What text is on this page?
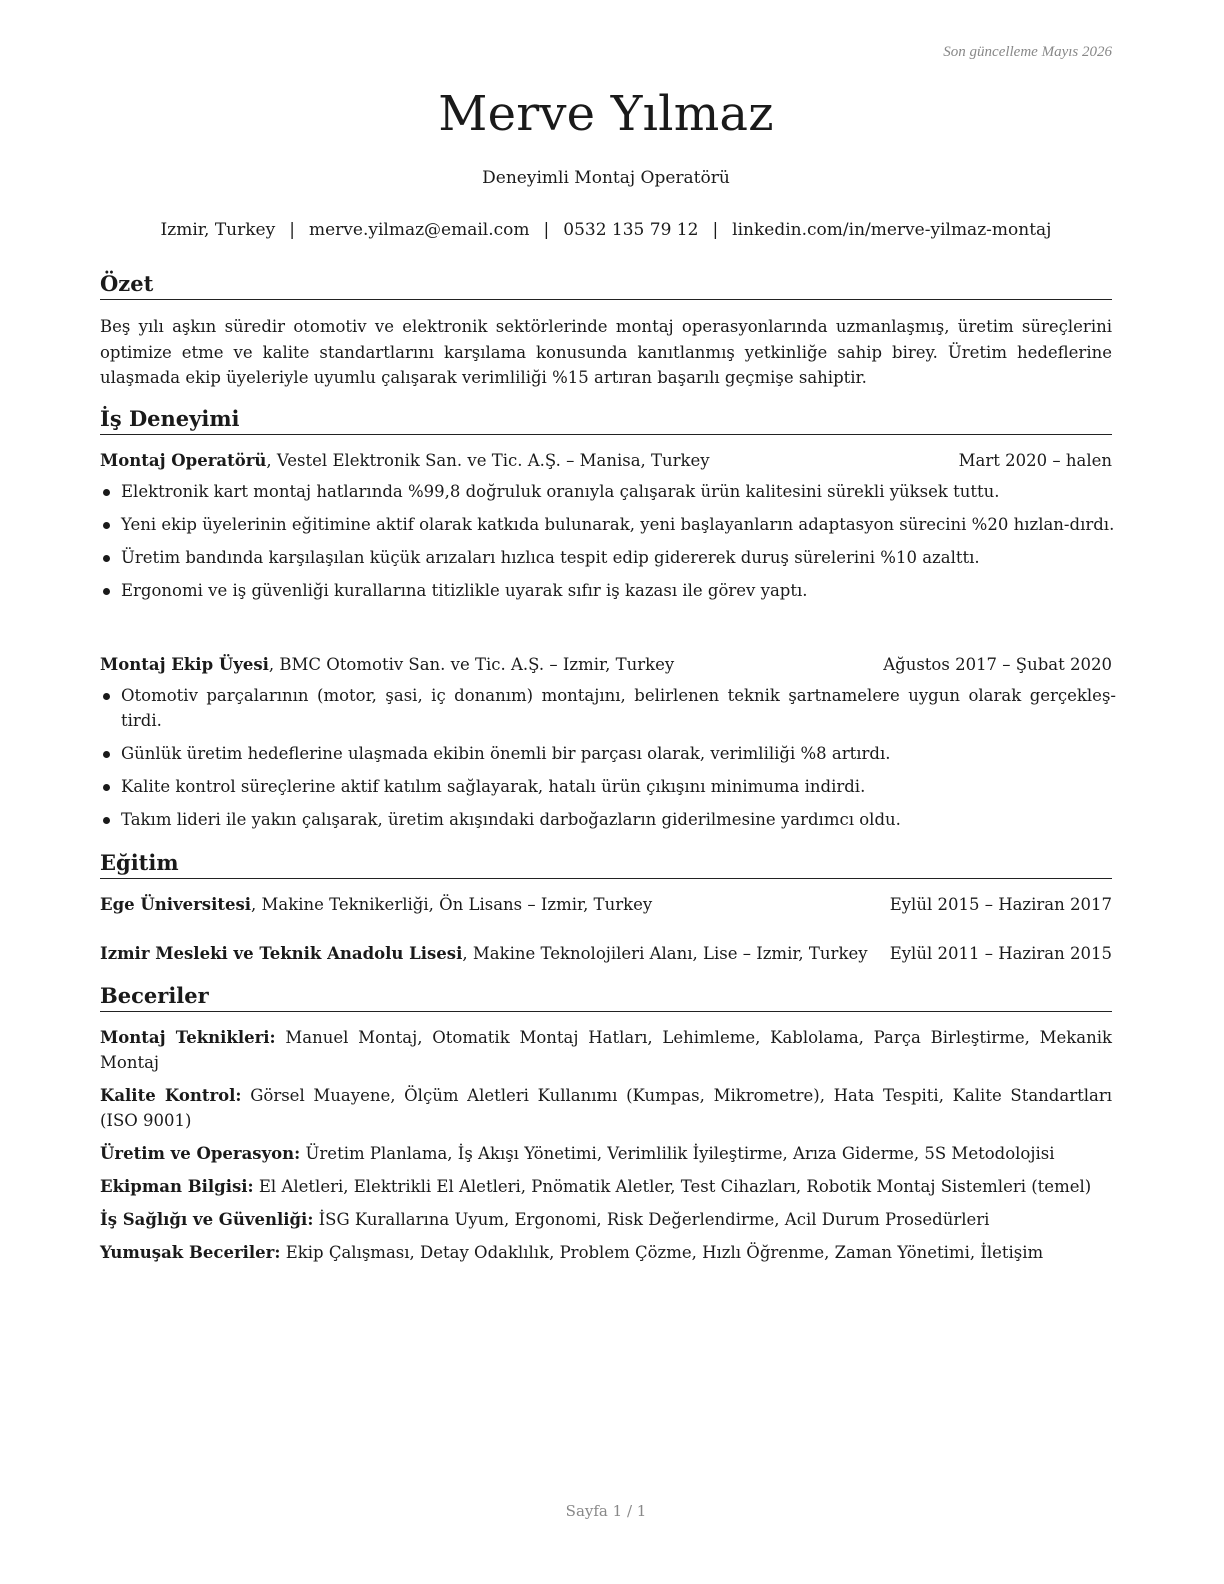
Son güncelleme Mayıs 2026
Merve Yılmaz
Deneyimli Montaj Operatörü
Izmir, Turkey | merve.yilmaz@email.com | 0532 135 79 12 | linkedin.com/in/merve-yilmaz-montaj
Özet
Beş yılı aşkın süredir otomotiv ve elektronik sektörlerinde montaj operasyonlarında uzmanlaşmış, üretim süreçlerini optimize etme ve kalite standartlarını karşılama konusunda kanıtlanmış yetkinliğe sahip birey. Üretim hedeflerine ulaşmada ekip üyeleriyle uyumlu çalışarak verimliliği %15 artıran başarılı geçmişe sahiptir.
İş Deneyimi
Montaj Operatörü, Vestel Elektronik San. ve Tic. A.Ş. – Manisa, Turkey	Mart 2020 – halen
Elektronik kart montaj hatlarında %99,8 doğruluk oranıyla çalışarak ürün kalitesini sürekli yüksek tuttu.
Yeni ekip üyelerinin eğitimine aktif olarak katkıda bulunarak, yeni başlayanların adaptasyon sürecini %20 hızlan-dırdı.
Üretim bandında karşılaşılan küçük arızaları hızlıca tespit edip gidererek duruş sürelerini %10 azalttı.
Ergonomi ve iş güvenliği kurallarına titizlikle uyarak sıfır iş kazası ile görev yaptı.
Montaj Ekip Üyesi, BMC Otomotiv San. ve Tic. A.Ş. – Izmir, Turkey	Ağustos 2017 – Şubat 2020
Otomotiv parçalarının (motor, şasi, iç donanım) montajını, belirlenen teknik şartnamelere uygun olarak gerçekleş-tirdi.
Günlük üretim hedeflerine ulaşmada ekibin önemli bir parçası olarak, verimliliği %8 artırdı.
Kalite kontrol süreçlerine aktif katılım sağlayarak, hatalı ürün çıkışını minimuma indirdi.
Takım lideri ile yakın çalışarak, üretim akışındaki darboğazların giderilmesine yardımcı oldu.
Eğitim
Ege Üniversitesi, Makine Teknikerliği, Ön Lisans – Izmir, Turkey	Eylül 2015 – Haziran 2017
Izmir Mesleki ve Teknik Anadolu Lisesi, Makine Teknolojileri Alanı, Lise – Izmir, Turkey Eylül 2011 – Haziran 2015
Beceriler
Montaj Teknikleri: Manuel Montaj, Otomatik Montaj Hatları, Lehimleme, Kablolama, Parça Birleştirme, Mekanik Montaj
Kalite Kontrol: Görsel Muayene, Ölçüm Aletleri Kullanımı (Kumpas, Mikrometre), Hata Tespiti, Kalite Standartları (ISO 9001)
Üretim ve Operasyon: Üretim Planlama, İş Akışı Yönetimi, Verimlilik İyileştirme, Arıza Giderme, 5S Metodolojisi
Ekipman Bilgisi: El Aletleri, Elektrikli El Aletleri, Pnömatik Aletler, Test Cihazları, Robotik Montaj Sistemleri (temel)
İş Sağlığı ve Güvenliği: İSG Kurallarına Uyum, Ergonomi, Risk Değerlendirme, Acil Durum Prosedürleri
Yumuşak Beceriler: Ekip Çalışması, Detay Odaklılık, Problem Çözme, Hızlı Öğrenme, Zaman Yönetimi, İletişim
Sayfa 1 / 1
